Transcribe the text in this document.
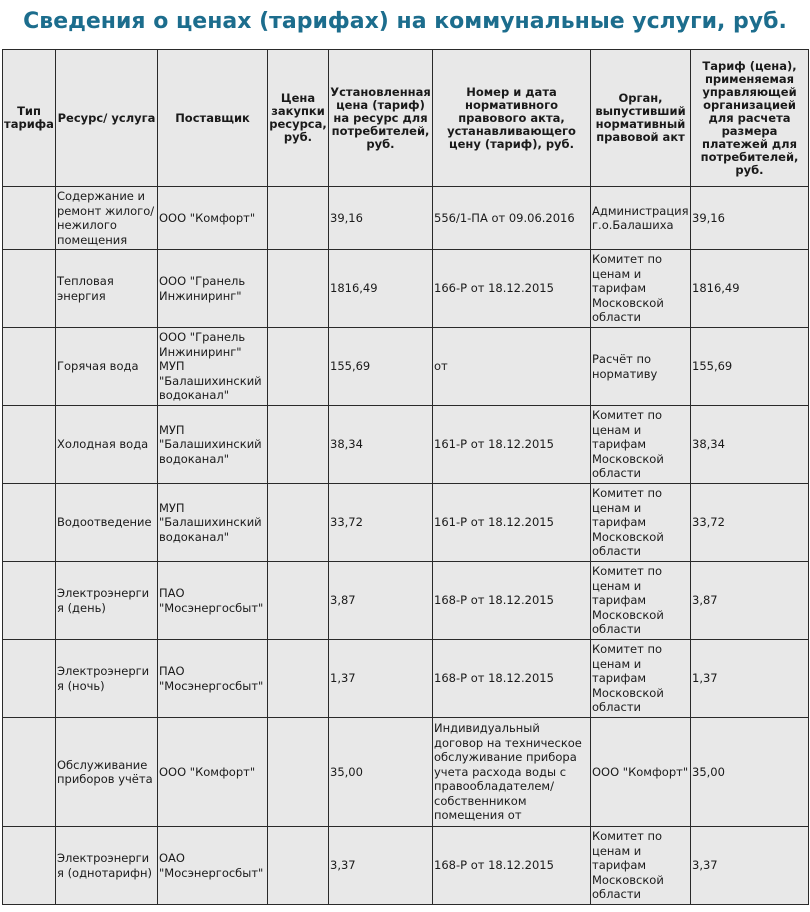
Сведения о ценах (тарифах) на коммунальные услуги, руб.
Тип тарифа	Ресурс/ услуга	Поставщик	Цена закупки ресурса, руб.	Установленная цена (тариф) на ресурс для потребителей, руб.	Номер и дата нормативного правового акта, устанавливающего цену (тариф), руб.	Орган, выпустивший нормативный правовой акт	Тариф (цена), применяемая управляющей организацией для расчета размера платежей для потребителей, руб.
	Содержание и ремонт жилого/ нежилого помещения	ООО "Комфорт"		39,16	556/1-ПА от 09.06.2016	Администрация г.о.Балашиха	39,16
	Тепловая энергия	ООО "Гранель Инжиниринг"		1816,49	166-Р от 18.12.2015	Комитет по ценам и тарифам Московской области	1816,49
	Горячая вода	ООО "Гранель Инжиниринг" МУП "Балашихинский водоканал"		155,69	от	Расчёт по нормативу	155,69
	Холодная вода	МУП "Балашихинский водоканал"		38,34	161-Р от 18.12.2015	Комитет по ценам и тарифам Московской области	38,34
	Водоотведение	МУП "Балашихинский водоканал"		33,72	161-Р от 18.12.2015	Комитет по ценам и тарифам Московской области	33,72
	Электроэнергия (день)	ПАО "Мосэнергосбыт"		3,87	168-Р от 18.12.2015	Комитет по ценам и тарифам Московской области	3,87
	Электроэнергия (ночь)	ПАО "Мосэнергосбыт"		1,37	168-Р от 18.12.2015	Комитет по ценам и тарифам Московской области	1,37
	Обслуживание приборов учёта	ООО "Комфорт"		35,00	Индивидуальный договор на техническое обслуживание прибора учета расхода воды с правообладателем/ собственником помещения от	ООО "Комфорт"	35,00
	Электроэнергия (однотарифн)	ОАО "Мосэнергосбыт"		3,37	168-Р от 18.12.2015	Комитет по ценам и тарифам Московской области	3,37
